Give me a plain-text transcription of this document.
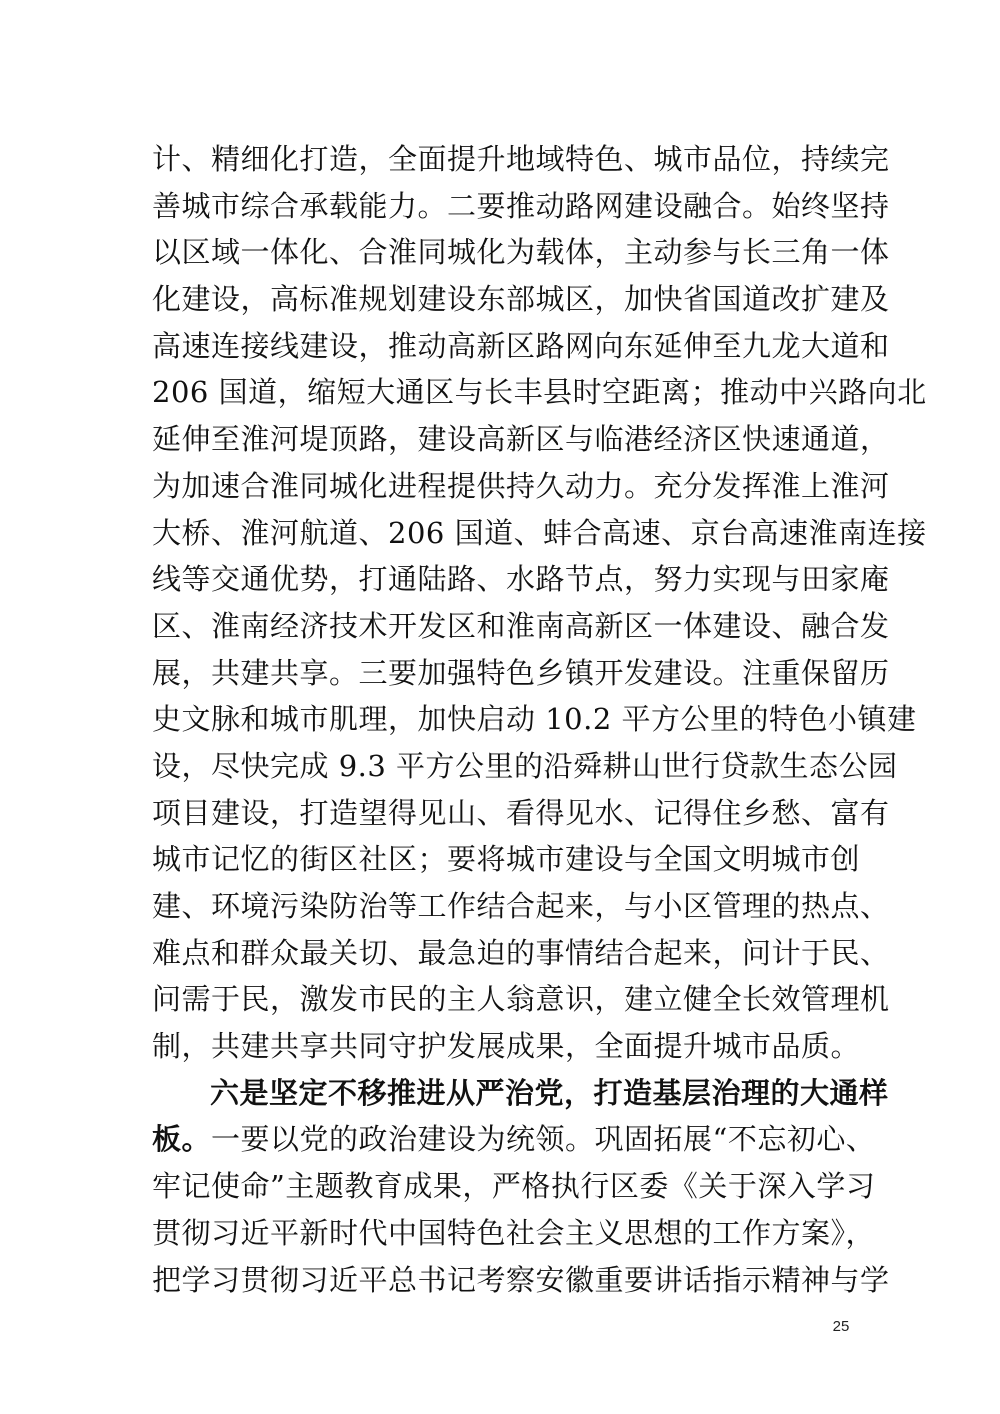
计、精细化打造，全面提升地域特色、城市品位，持续完
善城市综合承载能力。二要推动路网建设融合。始终坚持
以区域一体化、合淮同城化为载体，主动参与长三角一体
化建设，高标准规划建设东部城区，加快省国道改扩建及
高速连接线建设，推动高新区路网向东延伸至九龙大道和
206 国道，缩短大通区与长丰县时空距离；推动中兴路向北
延伸至淮河堤顶路，建设高新区与临港经济区快速通道，
为加速合淮同城化进程提供持久动力。充分发挥淮上淮河
大桥、淮河航道、206 国道、蚌合高速、京台高速淮南连接
线等交通优势，打通陆路、水路节点，努力实现与田家庵
区、淮南经济技术开发区和淮南高新区一体建设、融合发
展，共建共享。三要加强特色乡镇开发建设。注重保留历
史文脉和城市肌理，加快启动 10.2 平方公里的特色小镇建
设，尽快完成 9.3 平方公里的沿舜耕山世行贷款生态公园
项目建设，打造望得见山、看得见水、记得住乡愁、富有
城市记忆的街区社区；要将城市建设与全国文明城市创
建、环境污染防治等工作结合起来，与小区管理的热点、
难点和群众最关切、最急迫的事情结合起来，问计于民、
问需于民，激发市民的主人翁意识，建立健全长效管理机
制，共建共享共同守护发展成果，全面提升城市品质。
六是坚定不移推进从严治党，打造基层治理的大通样
板。一要以党的政治建设为统领。巩固拓展“不忘初心、
牢记使命”主题教育成果，严格执行区委《关于深入学习
贯彻习近平新时代中国特色社会主义思想的工作方案》，
把学习贯彻习近平总书记考察安徽重要讲话指示精神与学
25
